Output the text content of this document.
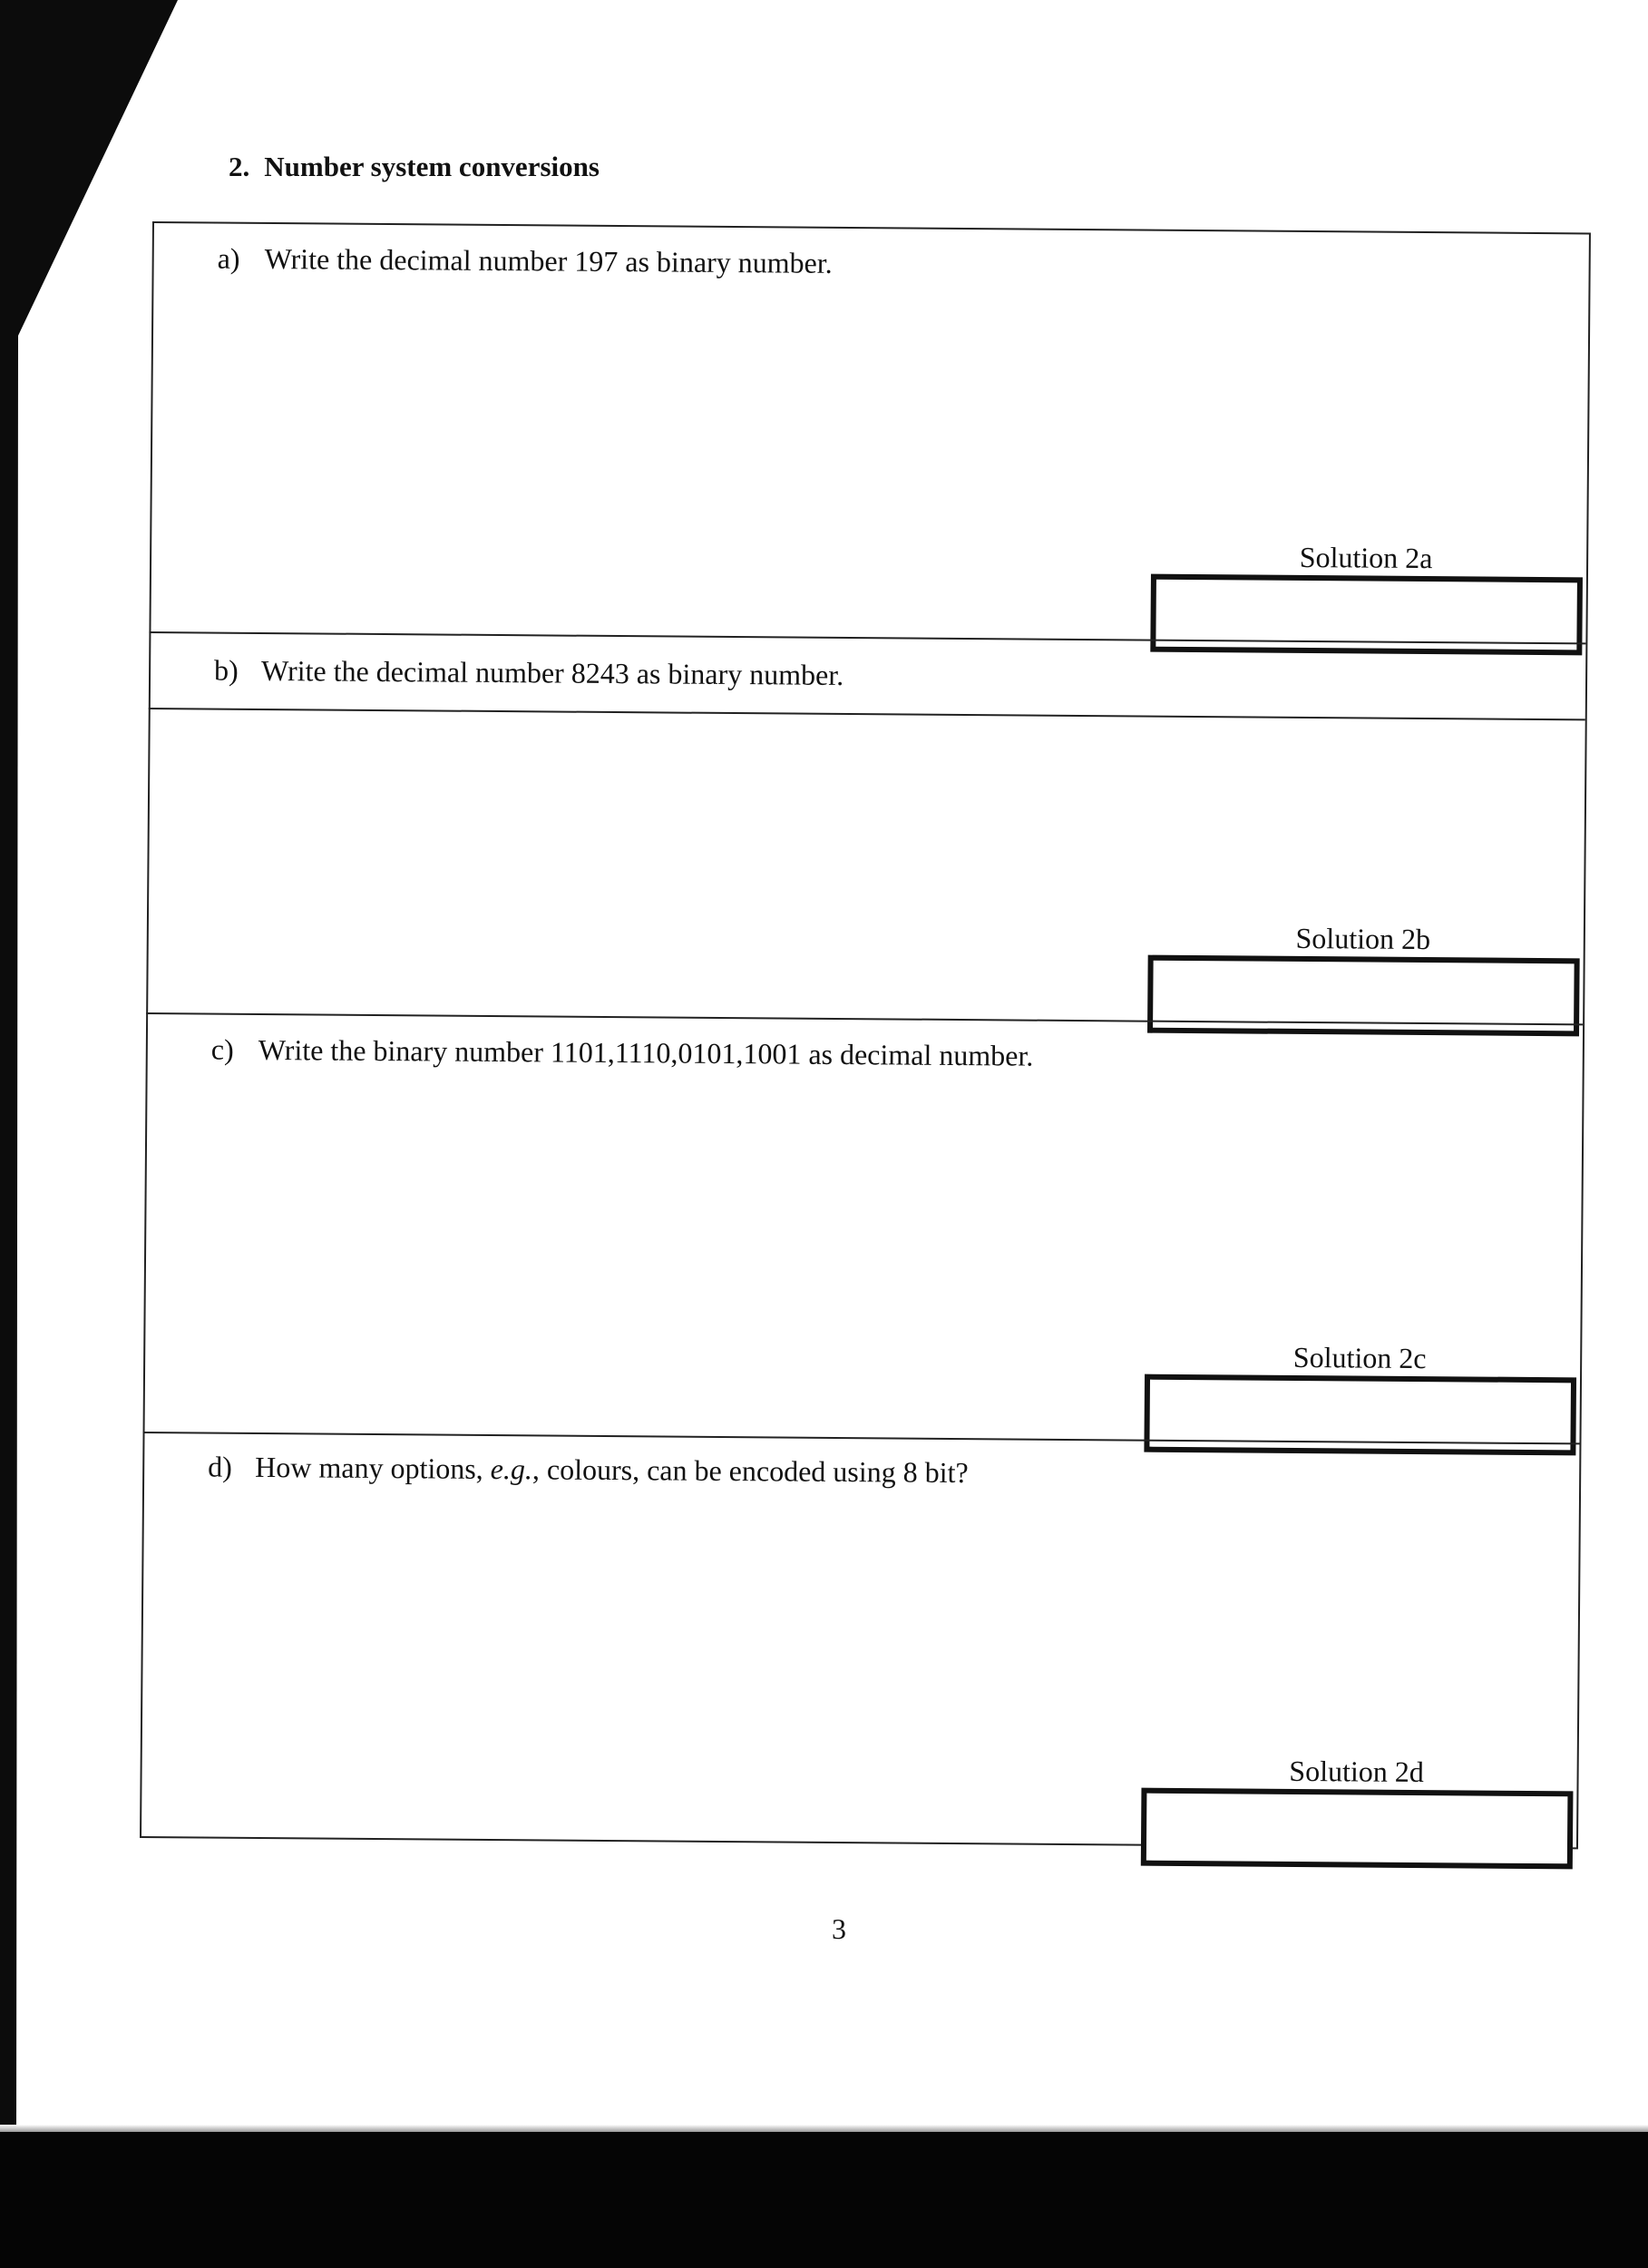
2. Number system conversions
a) Write the decimal number 197 as binary number.
Solution 2a
b) Write the decimal number 8243 as binary number.
Solution 2b
c) Write the binary number 1101,1110,0101,1001 as decimal number.
Solution 2c
d) How many options, e.g., colours, can be encoded using 8 bit?
Solution 2d
3
